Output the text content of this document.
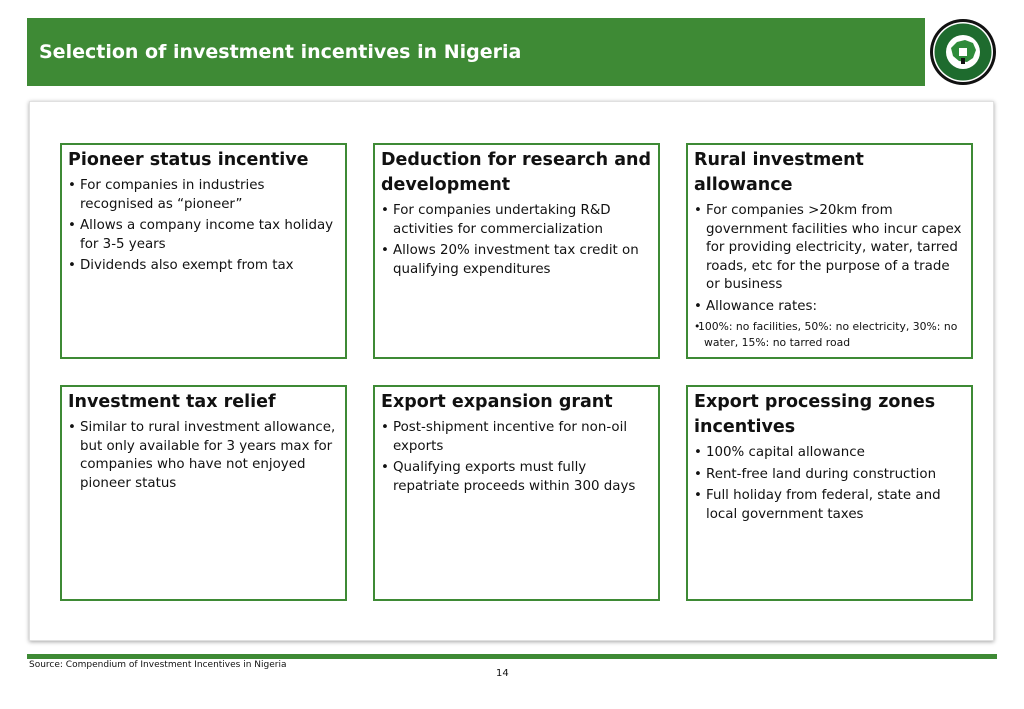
Selection of investment incentives in Nigeria
Pioneer status incentive
• For companies in industries recognised as “pioneer”
• Allows a company income tax holiday for 3-5 years
• Dividends also exempt from tax
Deduction for research and development
• For companies undertaking R&D activities for commercialization
• Allows 20% investment tax credit on qualifying expenditures
Rural investment allowance
• For companies >20km from government facilities who incur capex for providing electricity, water, tarred roads, etc for the purpose of a trade or business
• Allowance rates:
• 100%: no facilities, 50%: no electricity, 30%: no water, 15%: no tarred road
Investment tax relief
• Similar to rural investment allowance, but only available for 3 years max for companies who have not enjoyed pioneer status
Export expansion grant
• Post-shipment incentive for non-oil exports
• Qualifying exports must fully repatriate proceeds within 300 days
Export processing zones incentives
• 100% capital allowance
• Rent-free land during construction
• Full holiday from federal, state and local government taxes
Source: Compendium of Investment Incentives in Nigeria
14
